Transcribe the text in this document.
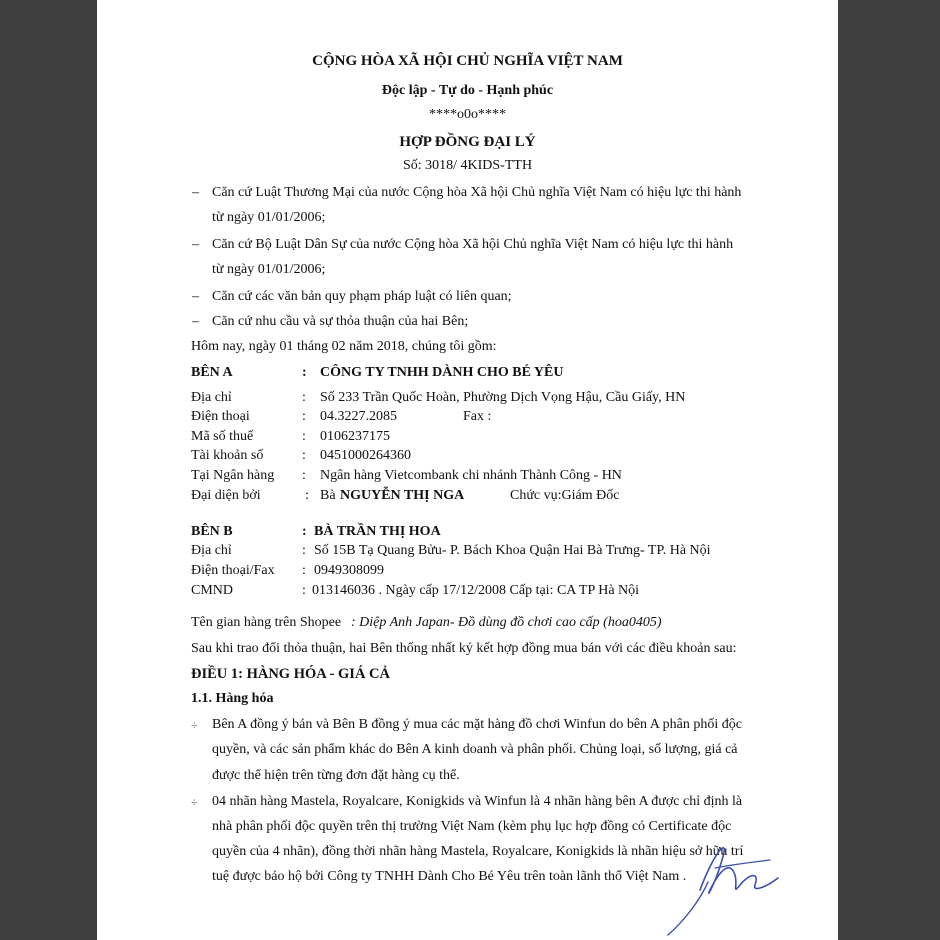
CỘNG HÒA XÃ HỘI CHỦ NGHĨA VIỆT NAM
Độc lập - Tự do - Hạnh phúc
****o0o****
HỢP ĐỒNG ĐẠI LÝ
Số: 3018/ 4KIDS-TTH
– Căn cứ Luật Thương Mại của nước Cộng hòa Xã hội Chủ nghĩa Việt Nam có hiệu lực thi hành
từ ngày 01/01/2006;
– Căn cứ Bộ Luật Dân Sự của nước Cộng hòa Xã hội Chủ nghĩa Việt Nam có hiệu lực thi hành
từ ngày 01/01/2006;
– Căn cứ các văn bản quy phạm pháp luật có liên quan;
– Căn cứ nhu cầu và sự thỏa thuận của hai Bên;
Hôm nay, ngày 01 tháng 02 năm 2018, chúng tôi gồm:
BÊN A	: CÔNG TY TNHH DÀNH CHO BÉ YÊU
Địa chỉ	: Số 233 Trần Quốc Hoàn, Phường Dịch Vọng Hậu, Cầu Giấy, HN
Điện thoại	: 04.3227.2085	Fax :
Mã số thuế	: 0106237175
Tài khoản số	: 0451000264360
Tại Ngân hàng : Ngân hàng Vietcombank chi nhánh Thành Công - HN
Đại diện bởi	: Bà NGUYỄN THỊ NGA	Chức vụ:Giám Đốc
BÊN B	: BÀ TRẦN THỊ HOA
Địa chỉ	: Số 15B Tạ Quang Bửu- P. Bách Khoa Quận Hai Bà Trưng- TP. Hà Nội
Điện thoại/Fax : 0949308099
CMND	: 013146036 . Ngày cấp 17/12/2008 Cấp tại: CA TP Hà Nội
Tên gian hàng trên Shopee : Diệp Anh Japan- Đồ dùng đồ chơi cao cấp (hoa0405)
Sau khi trao đổi thỏa thuận, hai Bên thống nhất ký kết hợp đồng mua bán với các điều khoản sau:
ĐIỀU 1: HÀNG HÓA - GIÁ CẢ
1.1. Hàng hóa
÷ Bên A đồng ý bán và Bên B đồng ý mua các mặt hàng đồ chơi Winfun do bên A phân phối độc
quyền, và các sản phẩm khác do Bên A kinh doanh và phân phối. Chủng loại, số lượng, giá cả
được thể hiện trên từng đơn đặt hàng cụ thể.
÷ 04 nhãn hàng Mastela, Royalcare, Konigkids và Winfun là 4 nhãn hàng bên A được chỉ định là
nhà phân phối độc quyền trên thị trường Việt Nam (kèm phụ lục hợp đồng có Certificate độc
quyền của 4 nhãn), đồng thời nhãn hàng Mastela, Royalcare, Konigkids là nhãn hiệu sở hữu trí
tuệ được bảo hộ bởi Công ty TNHH Dành Cho Bé Yêu trên toàn lãnh thổ Việt Nam .
